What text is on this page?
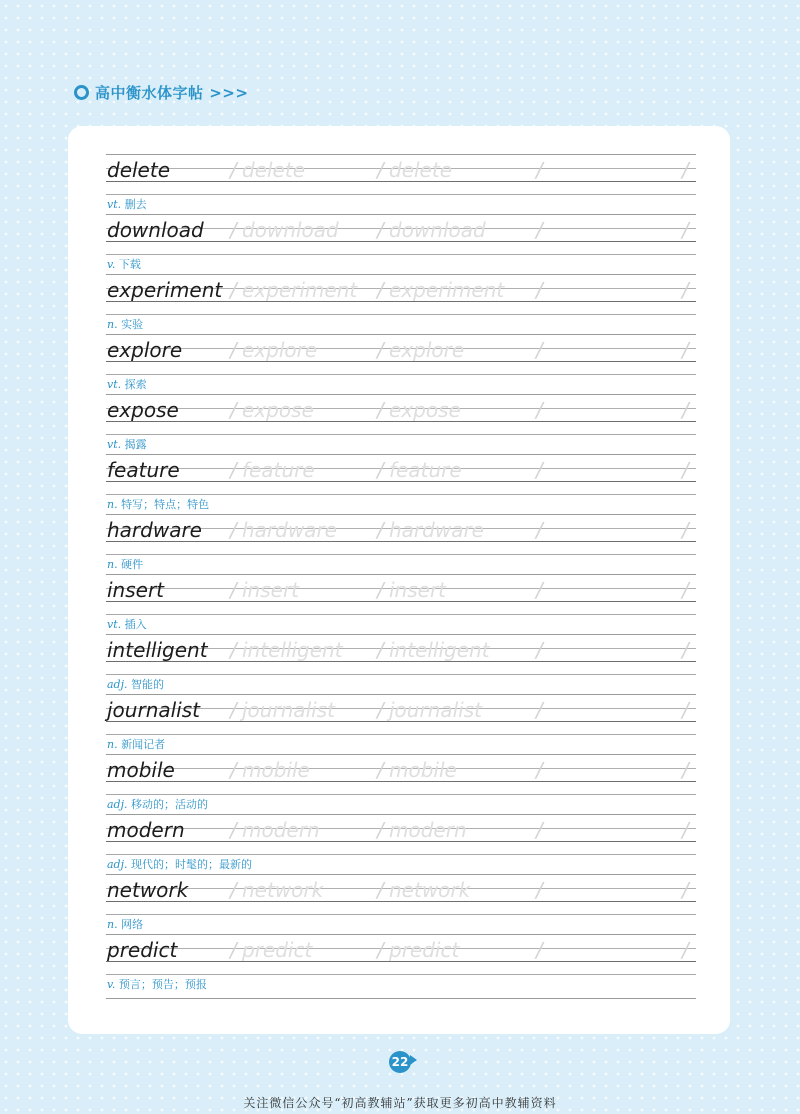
高中衡水体字帖 >>>
delete	/ delete	/ delete	/	/
vt. 删去
download / download / download	/	/
v. 下载
experiment / experiment / experiment /	/
n. 实验
explore / explore	/ explore	/	/
vt. 探索
expose	/ expose	/ expose	/	/
vt. 揭露
feature	/ feature	/ feature	/	/
n. 特写；特点；特色
hardware / hardware / hardware	/	/
n. 硬件
insert	/ insert	/ insert	/	/
vt. 插入
intelligent / intelligent / intelligent /	/
adj. 智能的
journalist / journalist / journalist	/	/
n. 新闻记者
mobile	/ mobile	/ mobile	/	/
adj. 移动的；活动的
modern / modern	/ modern	/	/
adj. 现代的；时髦的；最新的
network / network	/ network	/	/
n. 网络
predict	/ predict	/ predict	/	/
v. 预言；预告；预报
22
关注微信公众号“初高教辅站”获取更多初高中教辅资料
